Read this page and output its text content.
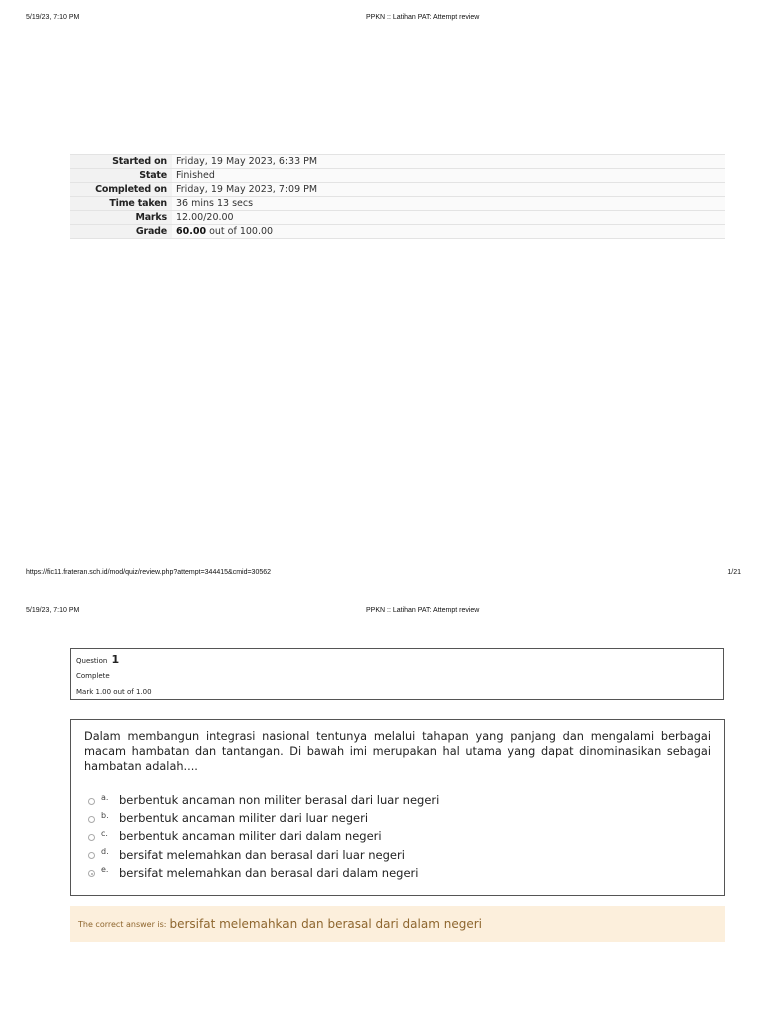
5/19/23, 7:10 PM	PPKN :: Latihan PAT: Attempt review
Started on	Friday, 19 May 2023, 6:33 PM
State	Finished
Completed on	Friday, 19 May 2023, 7:09 PM
Time taken	36 mins 13 secs
Marks	12.00/20.00
Grade	60.00 out of 100.00
https://fic11.frateran.sch.id/mod/quiz/review.php?attempt=344415&cmid=30562	1/21
5/19/23, 7:10 PM	PPKN :: Latihan PAT: Attempt review
Question 1
Complete
Mark 1.00 out of 1.00

Dalam membangun integrasi nasional tentunya melalui tahapan yang panjang dan mengalami berbagai macam hambatan dan tantangan. Di bawah imi merupakan hal utama yang dapat dinominasikan sebagai hambatan adalah....

a. berbentuk ancaman non militer berasal dari luar negeri
b. berbentuk ancaman militer dari luar negeri
c. berbentuk ancaman militer dari dalam negeri
d. bersifat melemahkan dan berasal dari luar negeri
e. bersifat melemahkan dan berasal dari dalam negeri
The correct answer is: bersifat melemahkan dan berasal dari dalam negeri
